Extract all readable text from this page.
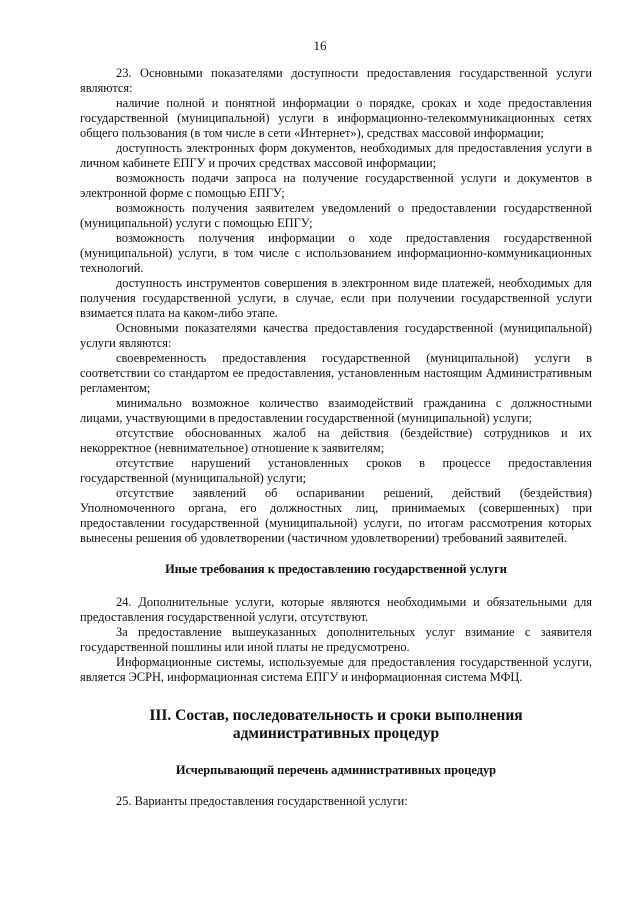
16

23. Основными показателями доступности предоставления государственной услуги являются:

наличие полной и понятной информации о порядке, сроках и ходе предоставления государственной (муниципальной) услуги в информационно-телекоммуникационных сетях общего пользования (в том числе в сети «Интернет»), средствах массовой информации;

доступность электронных форм документов, необходимых для предоставления услуги в личном кабинете ЕПГУ и прочих средствах массовой информации;

возможность подачи запроса на получение государственной услуги и документов в электронной форме с помощью ЕПГУ;

возможность получения заявителем уведомлений о предоставлении государственной (муниципальной) услуги с помощью ЕПГУ;

возможность получения информации о ходе предоставления государственной (муниципальной) услуги, в том числе с использованием информационно-коммуникационных технологий.

доступность инструментов совершения в электронном виде платежей, необходимых для получения государственной услуги, в случае, если при получении государственной услуги взимается плата на каком-либо этапе.

Основными показателями качества предоставления государственной (муниципальной) услуги являются:

своевременность предоставления государственной (муниципальной) услуги в соответствии со стандартом ее предоставления, установленным настоящим Административным регламентом;

минимально возможное количество взаимодействий гражданина с должностными лицами, участвующими в предоставлении государственной (муниципальной) услуги;

отсутствие обоснованных жалоб на действия (бездействие) сотрудников и их некорректное (невнимательное) отношение к заявителям;

отсутствие нарушений установленных сроков в процессе предоставления государственной (муниципальной) услуги;

отсутствие заявлений об оспаривании решений, действий (бездействия) Уполномоченного органа, его должностных лиц, принимаемых (совершенных) при предоставлении государственной (муниципальной) услуги, по итогам рассмотрения которых вынесены решения об удовлетворении (частичном удовлетворении) требований заявителей.

Иные требования к предоставлению государственной услуги

24. Дополнительные услуги, которые являются необходимыми и обязательными для предоставления государственной услуги, отсутствуют.

За предоставление вышеуказанных дополнительных услуг взимание с заявителя государственной пошлины или иной платы не предусмотрено.

Информационные системы, используемые для предоставления государственной услуги, является ЭСРН, информационная система ЕПГУ и информационная система МФЦ.

III. Состав, последовательность и сроки выполнения

административных процедур

Исчерпывающий перечень административных процедур

25. Варианты предоставления государственной услуги:
